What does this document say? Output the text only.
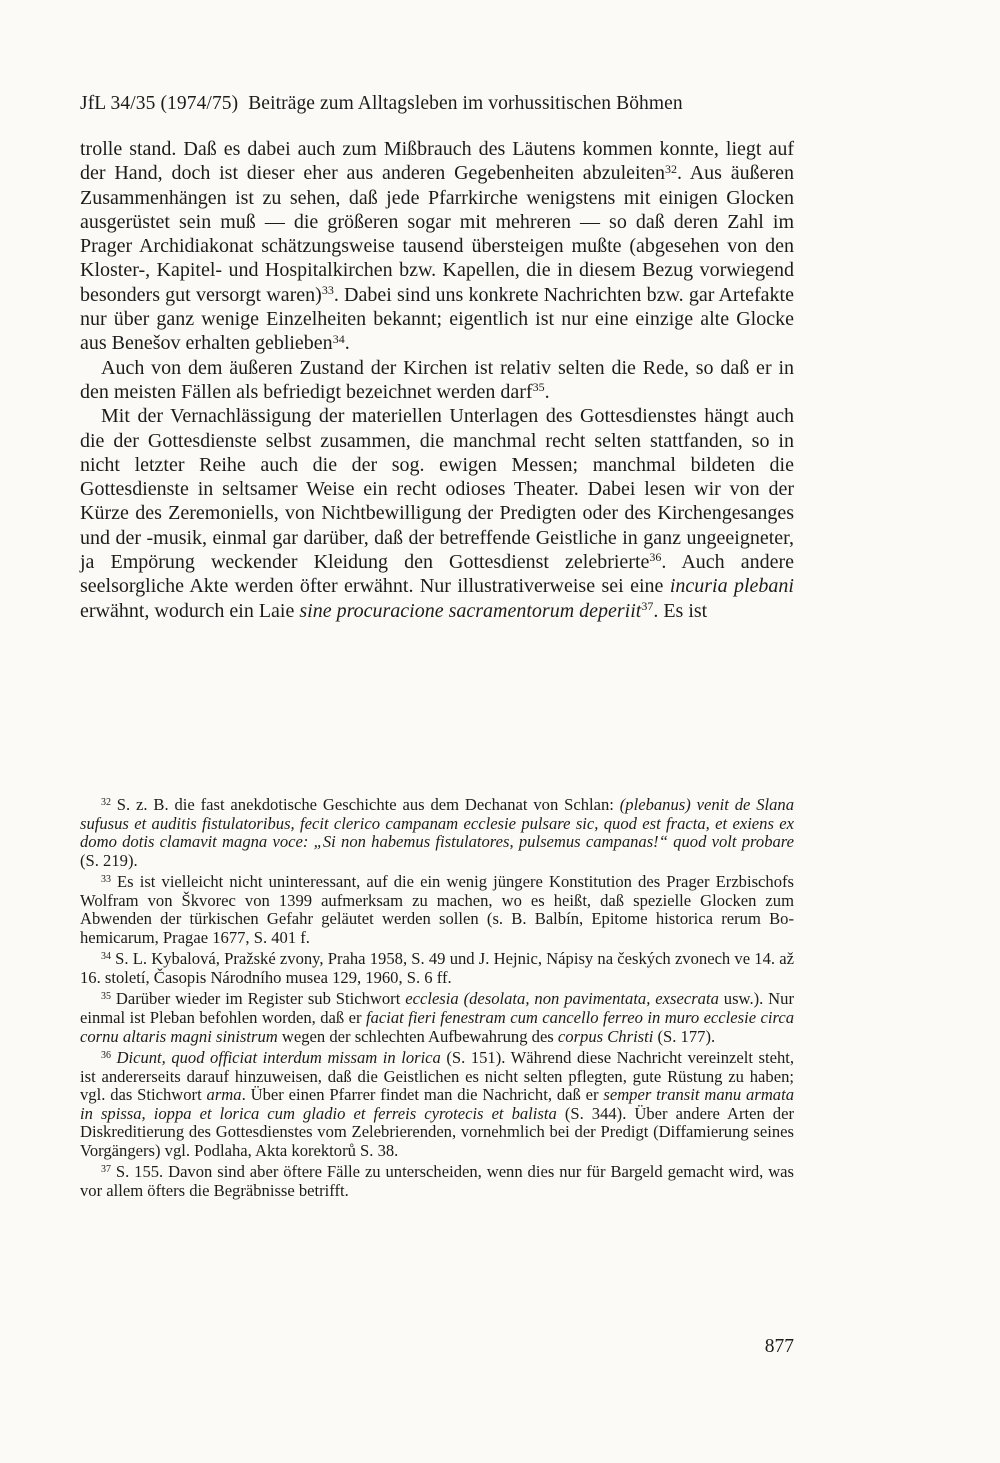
JfL 34/35 (1974/75) Beiträge zum Alltagsleben im vorhussitischen Böhmen

trolle stand. Daß es dabei auch zum Mißbrauch des Läutens kommen konnte, liegt auf der Hand, doch ist dieser eher aus anderen Gegebenheiten abzuleiten$^{32}$. Aus äußeren Zusammenhängen ist zu sehen, daß jede Pfarrkirche wenigstens mit einigen Glocken ausgerüstet sein muß — die größeren sogar mit mehreren — so daß deren Zahl im Prager Archidiakonat schätzungsweise tausend übersteigen mußte (abgesehen von den Kloster-, Kapitel- und Hospitalkirchen bzw. Kapellen, die in diesem Bezug vorwiegend besonders gut versorgt waren)$^{33}$. Dabei sind uns konkrete Nachrichten bzw. gar Artefakte nur über ganz wenige Einzelheiten bekannt; eigentlich ist nur eine einzige alte Glocke aus Benešov erhalten geblieben$^{34}$.

Auch von dem äußeren Zustand der Kirchen ist relativ selten die Rede, so daß er in den meisten Fällen als befriedigt bezeichnet werden darf$^{35}$.

Mit der Vernachlässigung der materiellen Unterlagen des Gottesdienstes hängt auch die der Gottesdienste selbst zusammen, die manchmal recht selten stattfanden, so in nicht letzter Reihe auch die der sog. ewigen Messen; manchmal bildeten die Gottesdienste in seltsamer Weise ein recht odioses Theater. Dabei lesen wir von der Kürze des Zeremoniells, von Nichtbewilligung der Predigten oder des Kirchengesanges und der -musik, einmal gar darüber, daß der betreffende Geistliche in ganz ungeeigneter, ja Empörung weckender Kleidung den Gottesdienst zelebrierte$^{36}$. Auch andere seelsorgliche Akte werden öfter erwähnt. Nur illustrativerweise sei eine incuria plebani erwähnt, wodurch ein Laie sine procuracione sacramentorum deperiit$^{37}$. Es ist

$^{32}$ S. z. B. die fast anekdotische Geschichte aus dem Dechanat von Schlan: (plebanus) venit de Slana sufusus et auditis fistulatoribus, fecit clerico campanam ecclesie pulsare sic, quod est fracta, et exiens ex domo dotis clamavit magna voce: „Si non habemus fistulatores, pulsemus campanas!“ quod volt probare (S. 219).

$^{33}$ Es ist vielleicht nicht uninteressant, auf die ein wenig jüngere Konstitution des Prager Erzbischofs Wolfram von Škvorec von 1399 aufmerksam zu machen, wo es heißt, daß spezielle Glocken zum Abwenden der türkischen Gefahr geläutet werden sollen (s. B. Balbín, Epitome historica rerum Bohemicarum, Pragae 1677, S. 401 f.

$^{34}$ S. L. Kybalová, Pražské zvony, Praha 1958, S. 49 und J. Hejnic, Nápisy na českých zvonech ve 14. až 16. století, Časopis Národního musea 129, 1960, S. 6 ff.

$^{35}$ Darüber wieder im Register sub Stichwort ecclesia (desolata, non pavimentata, exsecrata usw.). Nur einmal ist Pleban befohlen worden, daß er faciat fieri fenestram cum cancello ferreo in muro ecclesie circa cornu altaris magni sinistrum wegen der schlechten Aufbewahrung des corpus Christi (S. 177).

$^{36}$ Dicunt, quod officiat interdum missam in lorica (S. 151). Während diese Nachricht vereinzelt steht, ist andererseits darauf hinzuweisen, daß die Geistlichen es nicht selten pflegten, gute Rüstung zu haben; vgl. das Stichwort arma. Über einen Pfarrer findet man die Nachricht, daß er semper transit manu armata in spissa, ioppa et lorica cum gladio et ferreis cyrotecis et balista (S. 344). Über andere Arten der Diskreditierung des Gottesdienstes vom Zelebrierenden, vornehmlich bei der Predigt (Diffamierung seines Vorgängers) vgl. Podlaha, Akta korektorů S. 38.

$^{37}$ S. 155. Davon sind aber öftere Fälle zu unterscheiden, wenn dies nur für Bargeld gemacht wird, was vor allem öfters die Begräbnisse betrifft.

877
